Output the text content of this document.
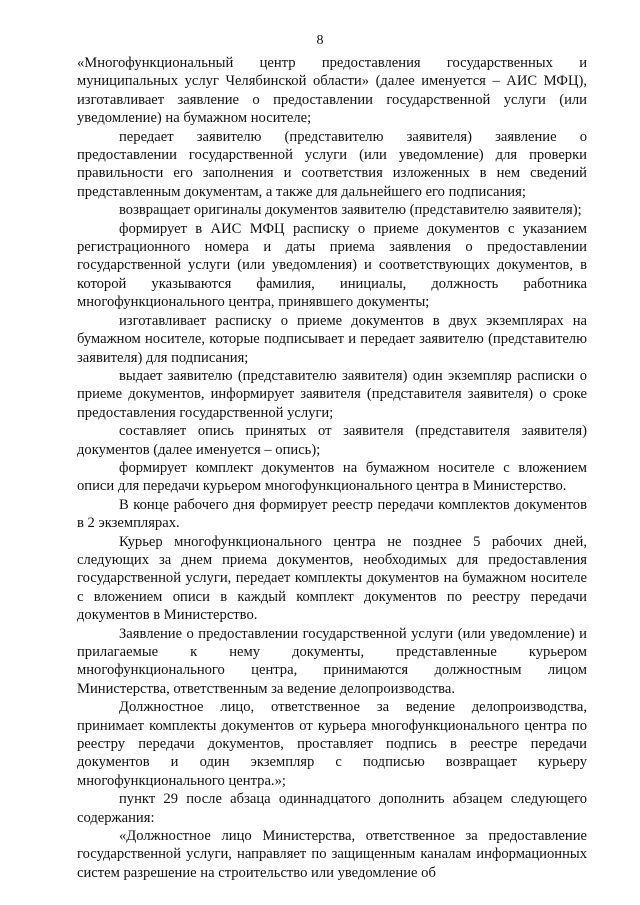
8

«Многофункциональный центр предоставления государственных и муниципальных услуг Челябинской области» (далее именуется – АИС МФЦ), изготавливает заявление о предоставлении государственной услуги (или уведомление) на бумажном носителе;

передает заявителю (представителю заявителя) заявление о предоставлении государственной услуги (или уведомление) для проверки правильности его заполнения и соответствия изложенных в нем сведений представленным документам, а также для дальнейшего его подписания;

возвращает оригиналы документов заявителю (представителю заявителя);

формирует в АИС МФЦ расписку о приеме документов с указанием регистрационного номера и даты приема заявления о предоставлении государственной услуги (или уведомления) и соответствующих документов, в которой указываются фамилия, инициалы, должность работника многофункционального центра, принявшего документы;

изготавливает расписку о приеме документов в двух экземплярах на бумажном носителе, которые подписывает и передает заявителю (представителю заявителя) для подписания;

выдает заявителю (представителю заявителя) один экземпляр расписки о приеме документов, информирует заявителя (представителя заявителя) о сроке предоставления государственной услуги;

составляет опись принятых от заявителя (представителя заявителя) документов (далее именуется – опись);

формирует комплект документов на бумажном носителе с вложением описи для передачи курьером многофункционального центра в Министерство.

В конце рабочего дня формирует реестр передачи комплектов документов в 2 экземплярах.

Курьер многофункционального центра не позднее 5 рабочих дней, следующих за днем приема документов, необходимых для предоставления государственной услуги, передает комплекты документов на бумажном носителе с вложением описи в каждый комплект документов по реестру передачи документов в Министерство.

Заявление о предоставлении государственной услуги (или уведомление) и прилагаемые к нему документы, представленные курьером многофункционального центра, принимаются должностным лицом Министерства, ответственным за ведение делопроизводства.

Должностное лицо, ответственное за ведение делопроизводства, принимает комплекты документов от курьера многофункционального центра по реестру передачи документов, проставляет подпись в реестре передачи документов и один экземпляр с подписью возвращает курьеру многофункционального центра.»;

пункт 29 после абзаца одиннадцатого дополнить абзацем следующего содержания:

«Должностное лицо Министерства, ответственное за предоставление государственной услуги, направляет по защищенным каналам информационных систем разрешение на строительство или уведомление об
